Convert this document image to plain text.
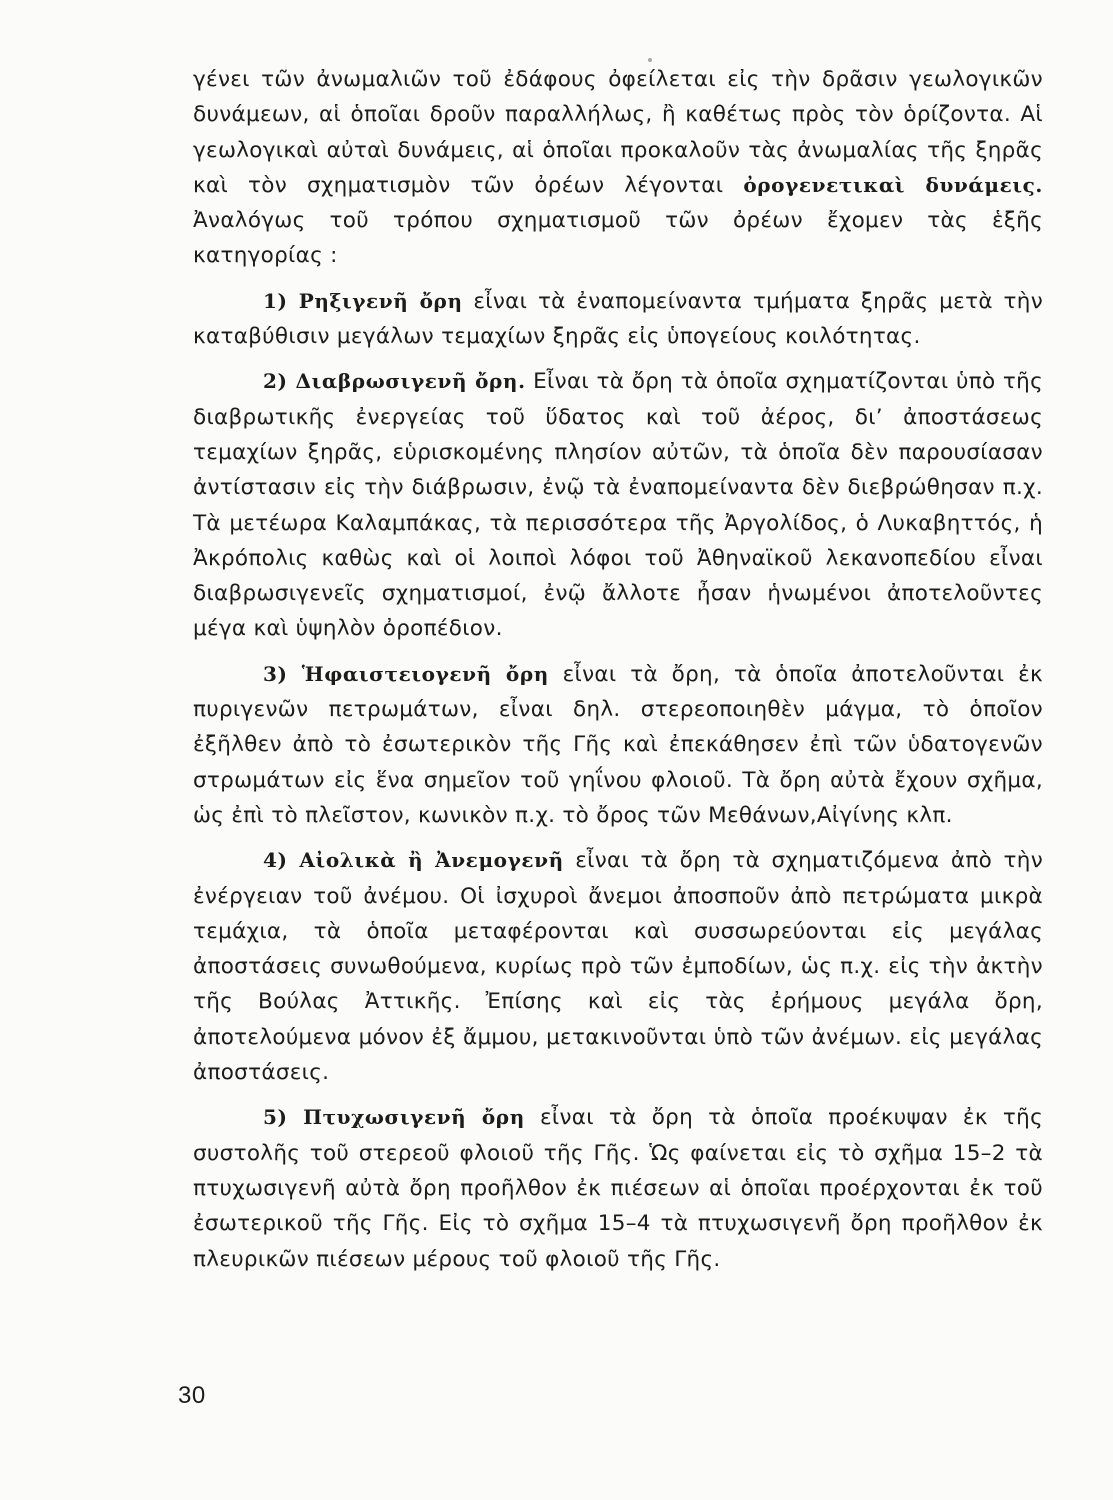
γένει τῶν ἀνωμαλιῶν τοῦ ἐδάφους ὀφείλεται εἰς τὴν δρᾶσιν γεωλογικῶν δυνάμεων, αἱ ὁποῖαι δροῦν παραλλήλως, ἢ καθέτως πρὸς τὸν ὁρίζοντα. Αἱ γεωλογικαὶ αὐταὶ δυνάμεις, αἱ ὁποῖαι προκαλοῦν τὰς ἀνωμαλίας τῆς ξηρᾶς καὶ τὸν σχηματισμὸν τῶν ὀρέων λέγονται ὀρογενετικαὶ δυνάμεις. Ἀναλόγως τοῦ τρόπου σχηματισμοῦ τῶν ὀρέων ἔχομεν τὰς ἑξῆς κατηγορίας :

1) Ρηξιγενῆ ὄρη εἶναι τὰ ἐναπομείναντα τμήματα ξηρᾶς μετὰ τὴν καταβύθισιν μεγάλων τεμαχίων ξηρᾶς εἰς ὑπογείους κοιλότητας.

2) Διαβρωσιγενῆ ὄρη. Εἶναι τὰ ὄρη τὰ ὁποῖα σχηματίζονται ὑπὸ τῆς διαβρωτικῆς ἐνεργείας τοῦ ὕδατος καὶ τοῦ ἀέρος, δι’ ἀποστάσεως τεμαχίων ξηρᾶς, εὑρισκομένης πλησίον αὐτῶν, τὰ ὁποῖα δὲν παρουσίασαν ἀντίστασιν εἰς τὴν διάβρωσιν, ἐνῷ τὰ ἐναπομείναντα δὲν διεβρώθησαν π.χ. Τὰ μετέωρα Καλαμπάκας, τὰ περισσότερα τῆς Ἀργολίδος, ὁ Λυκαβηττός, ἡ Ἀκρόπολις καθὼς καὶ οἱ λοιποὶ λόφοι τοῦ Ἀθηναϊκοῦ λεκανοπεδίου εἶναι διαβρωσιγενεῖς σχηματισμοί, ἐνῷ ἄλλοτε ἦσαν ἡνωμένοι ἀποτελοῦντες μέγα καὶ ὑψηλὸν ὀροπέδιον.

3) Ἡφαιστειογενῆ ὄρη εἶναι τὰ ὄρη, τὰ ὁποῖα ἀποτελοῦνται ἐκ πυριγενῶν πετρωμάτων, εἶναι δηλ. στερεοποιηθὲν μάγμα, τὸ ὁποῖον ἐξῆλθεν ἀπὸ τὸ ἐσωτερικὸν τῆς Γῆς καὶ ἐπεκάθησεν ἐπὶ τῶν ὑδατογενῶν στρωμάτων εἰς ἕνα σημεῖον τοῦ γηΐνου φλοιοῦ. Τὰ ὄρη αὐτὰ ἔχουν σχῆμα, ὡς ἐπὶ τὸ πλεῖστον, κωνικὸν π.χ. τὸ ὄρος τῶν Μεθάνων,Αἰγίνης κλπ.

4) Αἰολικὰ ἢ Ἀνεμογενῆ εἶναι τὰ ὄρη τὰ σχηματιζόμενα ἀπὸ τὴν ἐνέργειαν τοῦ ἀνέμου. Οἱ ἰσχυροὶ ἄνεμοι ἀποσποῦν ἀπὸ πετρώματα μικρὰ τεμάχια, τὰ ὁποῖα μεταφέρονται καὶ συσσωρεύονται εἰς μεγάλας ἀποστάσεις συνωθούμενα, κυρίως πρὸ τῶν ἐμποδίων, ὡς π.χ. εἰς τὴν ἀκτὴν τῆς Βούλας Ἀττικῆς. Ἐπίσης καὶ εἰς τὰς ἐρήμους μεγάλα ὄρη, ἀποτελούμενα μόνον ἐξ ἄμμου, μετακινοῦνται ὑπὸ τῶν ἀνέμων. εἰς μεγάλας ἀποστάσεις.

5) Πτυχωσιγενῆ ὄρη εἶναι τὰ ὄρη τὰ ὁποῖα προέκυψαν ἐκ τῆς συστολῆς τοῦ στερεοῦ φλοιοῦ τῆς Γῆς. Ὡς φαίνεται εἰς τὸ σχῆμα 15–2 τὰ πτυχωσιγενῆ αὐτὰ ὄρη προῆλθον ἐκ πιέσεων αἱ ὁποῖαι προέρχονται ἐκ τοῦ ἐσωτερικοῦ τῆς Γῆς. Εἰς τὸ σχῆμα 15–4 τὰ πτυχωσιγενῆ ὄρη προῆλθον ἐκ πλευρικῶν πιέσεων μέρους τοῦ φλοιοῦ τῆς Γῆς.

30
